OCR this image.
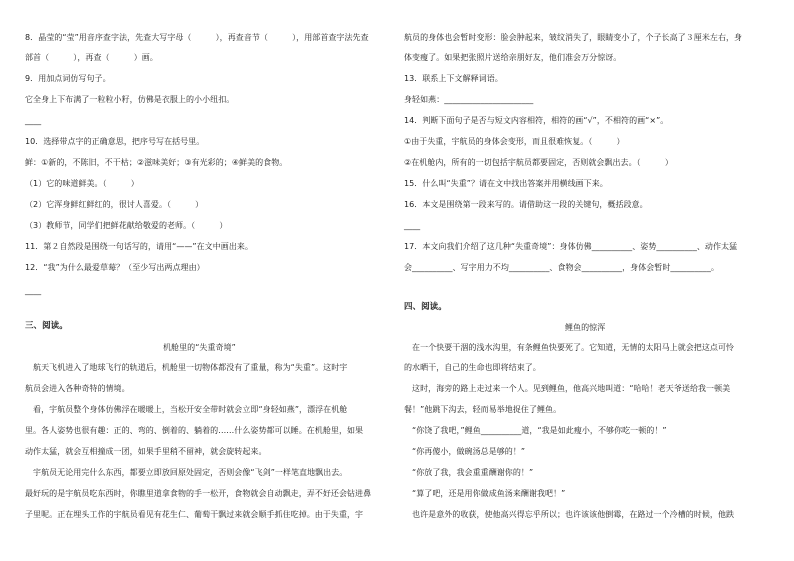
8．晶莹的“莹”用音序查字法，先查大写字母（　　　），再查音节（　　　），用部首查字法先查
部首（　　　），再查（　　　）画。
9．用加点词仿写句子。
它全身上下布满了一粒粒小籽，仿佛是衣服上的小小纽扣。
____
10．选择带点字的正确意思，把序号写在括号里。
鲜：①新的，不陈旧，不干枯；②滋味美好；③有光彩的；④鲜美的食物。
（1）它的味道鲜美。（　　　）
（2）它浑身鲜红鲜红的，很讨人喜爱。（　　　）
（3）教师节，同学们把鲜花献给敬爱的老师。（　　　）
11．第２自然段是围绕一句话写的，请用“——”在文中画出来。
12．“我”为什么最爱草莓？（至少写出两点理由）
____
三、阅读。
机舱里的“失重奇境”
　航天飞机进入了地球飞行的轨道后，机舱里一切物体都没有了重量，称为“失重”。这时宇
航员会进入各种奇特的情境。
　看，宇航员整个身体仿佛浮在暖暖上，当松开安全带时就会立即“身轻如燕”，漂浮在机舱
里。各人姿势也很有趣：正的、弯的、倒着的、躺着的……什么姿势都可以睡。在机舱里，如果
动作太猛，就会互相撞成一团，如果手里稍不留神，就会旋转起来。
　宇航员无论用完什么东西，都要立即放回原处固定，否则会像“飞剑”一样笔直地飘出去。
最好玩的是宇航员吃东西时，你瞧里道拿食物的手一松开，食物就会自动飘走，弄不好还会钻进鼻
子里呢。正在埋头工作的宇航员看见有花生仁、葡萄干飘过来就会顺手抓住吃掉。由于失重，宇
航员的身体也会暂时变形：脸会肿起来，皱纹消失了，眼睛变小了，个子长高了３厘米左右，身
体变瘦了。如果把张照片送给亲朋好友，他们准会万分惊讶。
13．联系上下文解释词语。
身轻如燕：______________________
14．判断下面句子是否与短文内容相符，相符的画“√”，不相符的画“×”。
①由于失重，宇航员的身体会变形，而且很难恢复。（　　　）
②在机舱内，所有的一切包括宇航员都要固定，否则就会飘出去。（　　　）
15．什么叫“失重”？请在文中找出答案并用横线画下来。
16．本文是围绕第一段来写的。请借助这一段的关键句，概括段意。
____
17．本文向我们介绍了这几种“失重奇境”：身体仿佛__________、姿势__________、动作太猛
会__________、写字用力不均__________、食物会__________，身体会暂时__________。
四、阅读。
鲤鱼的惊浑
　在一个快要干涸的浅水沟里，有条鲤鱼快要死了。它知道，无情的太阳马上就会把这点可怜
的水晒干，自己的生命也即将结束了。
　这时，海旁的路上走过来一个人。见到鲤鱼，他高兴地叫道：“哈哈！老天爷送给我一顿美
餐！”他跳下沟去，轻而易举地捉住了鲤鱼。
　“你饶了我吧，”鲤鱼__________道，“我是如此瘦小，不够你吃一顿的！”
　“你再傻小，做碗汤总是够的！”
　“你放了我，我会重重酬谢你的！”
　“算了吧，还是用你做成鱼汤来酬谢我吧！”
　也许是意外的收获，使他高兴得忘乎所以；也许该该他倒霉，在路过一个冷槽的时候，他跌
